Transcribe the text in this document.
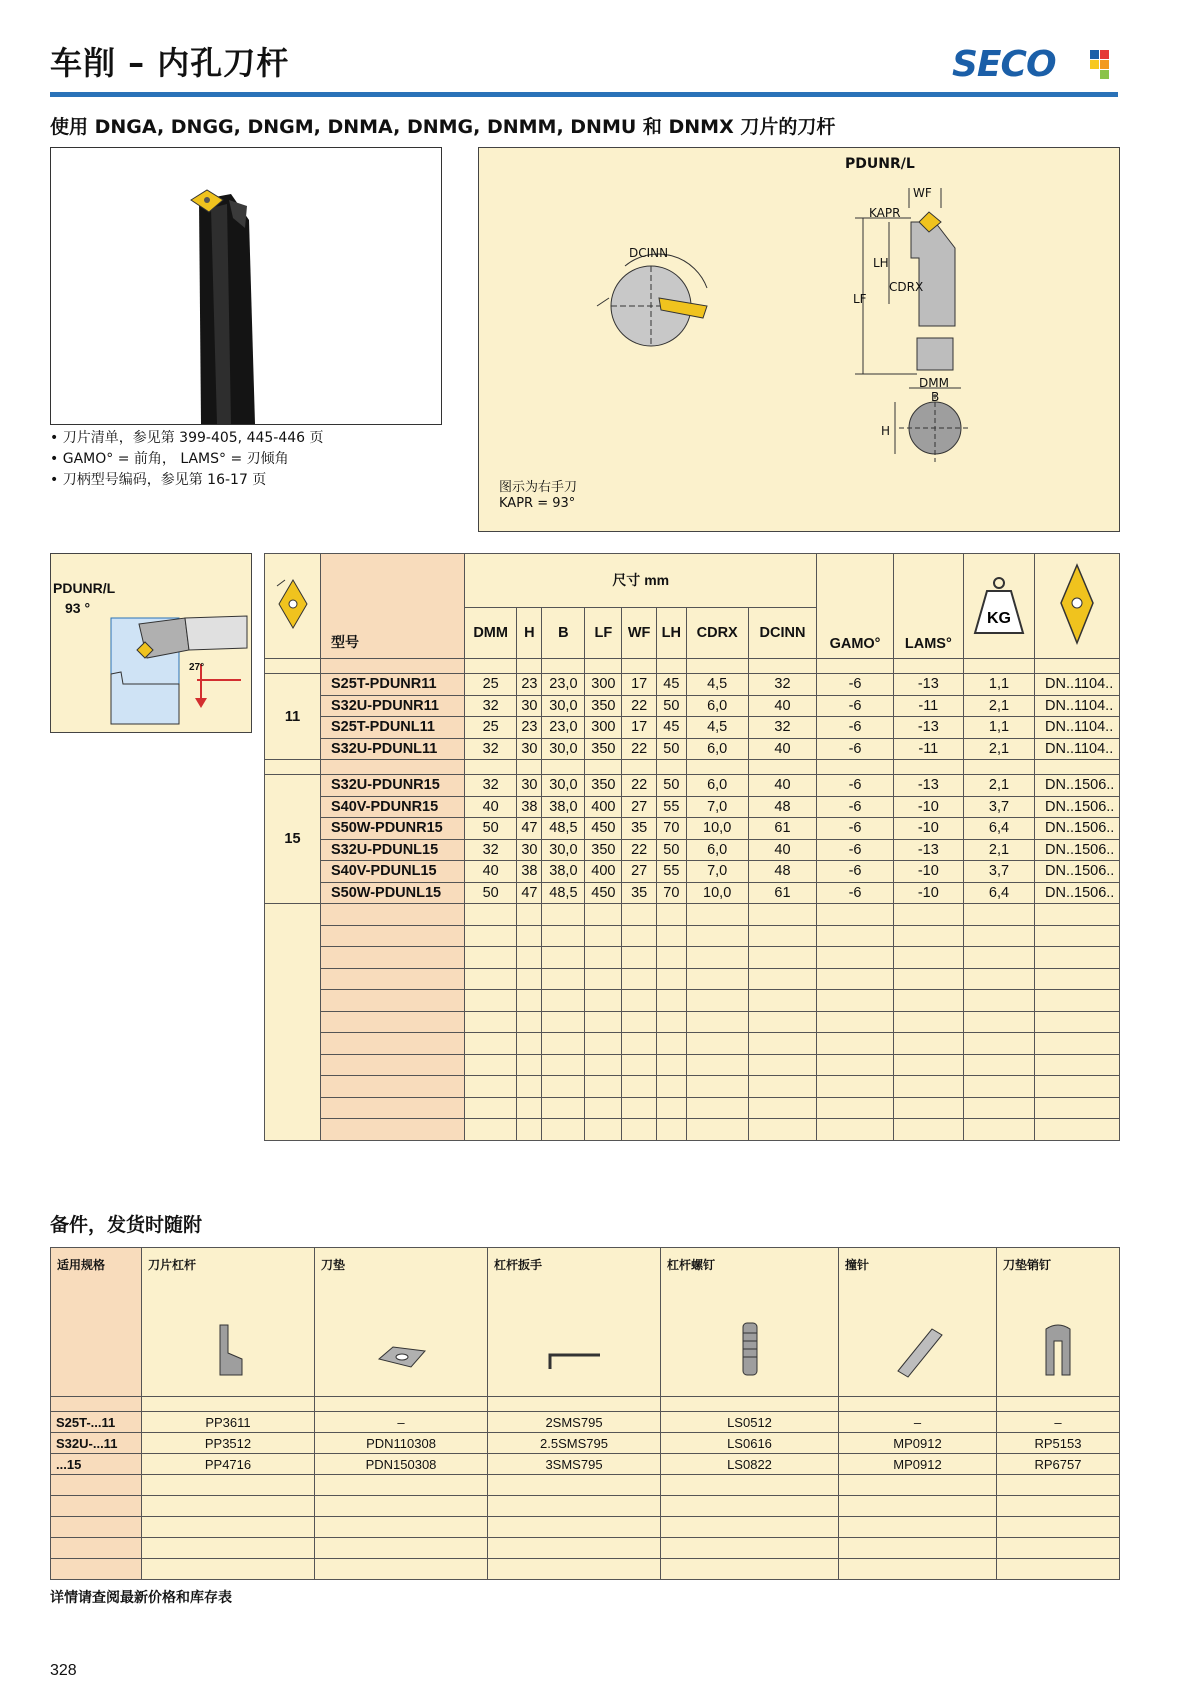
车削 – 内孔刀杆	SECO
使用 DNGA, DNGG, DNGM, DNMA, DNMG, DNMM, DNMU 和 DNMX 刀片的刀杆
• 刀片清单，参见第 399-405, 445-446 页
• GAMO° = 前角， LAMS° = 刃倾角
• 刀柄型号编码，参见第 16-17 页
PDUNR/L
WF
KAPR
LH
LF
CDRX
DCINN
DMM
B
H
图示为右手刀
KAPR = 93°
PDUNR/L
93 °
27°
	型号	尺寸 mm								GAMO°	LAMS°	KG

		DMM	H	B	LF	WF	LH	CDRX	DCINN				

11	S25T-PDUNR11	25	23	23,0	300	17	45	4,5	32	-6	-13	1,1	DN..1104..
	S32U-PDUNR11	32	30	30,0	350	22	50	6,0	40	-6	-11	2,1	DN..1104..
	S25T-PDUNL11	25	23	23,0	300	17	45	4,5	32	-6	-13	1,1	DN..1104..
	S32U-PDUNL11	32	30	30,0	350	22	50	6,0	40	-6	-11	2,1	DN..1104..

15	S32U-PDUNR15	32	30	30,0	350	22	50	6,0	40	-6	-13	2,1	DN..1506..
	S40V-PDUNR15	40	38	38,0	400	27	55	7,0	48	-6	-10	3,7	DN..1506..
	S50W-PDUNR15	50	47	48,5	450	35	70	10,0	61	-6	-10	6,4	DN..1506..
	S32U-PDUNL15	32	30	30,0	350	22	50	6,0	40	-6	-13	2,1	DN..1506..
	S40V-PDUNL15	40	38	38,0	400	27	55	7,0	48	-6	-10	3,7	DN..1506..
	S50W-PDUNL15	50	47	48,5	450	35	70	10,0	61	-6	-10	6,4	DN..1506..

备件，发货时随附
适用规格	刀片杠杆	刀垫	杠杆扳手	杠杆螺钉	撞针	刀垫销钉

S25T-...11	PP3611	–	2SMS795	LS0512	–	–
S32U-...11	PP3512	PDN110308	2.5SMS795	LS0616	MP0912	RP5153
...15	PP4716	PDN150308	3SMS795	LS0822	MP0912	RP6757

详情请查阅最新价格和库存表
328
